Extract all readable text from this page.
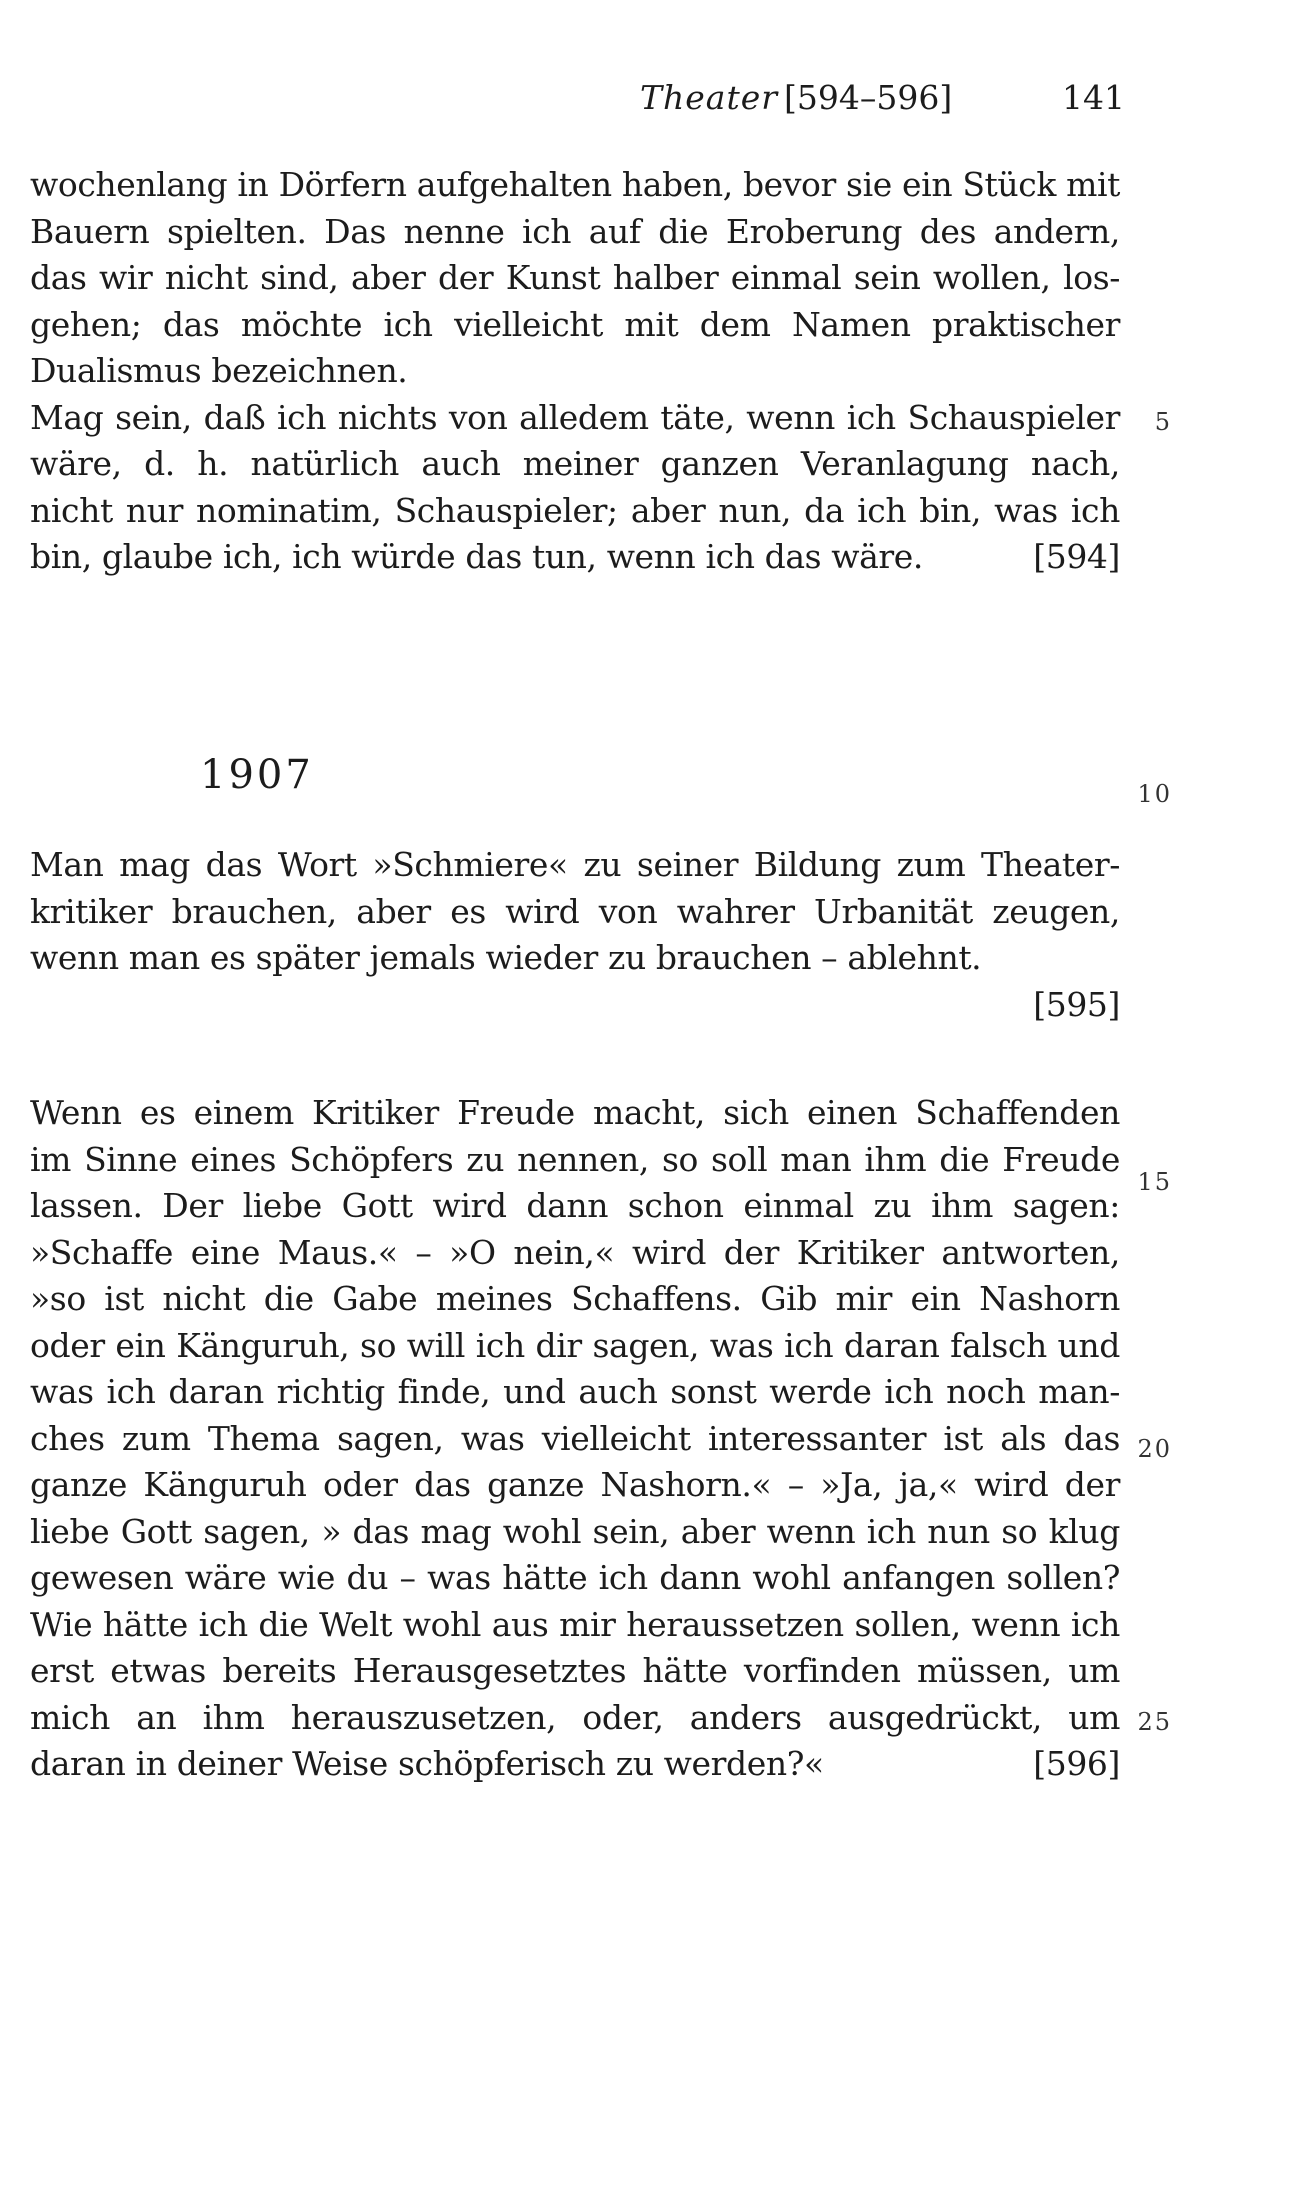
Theater [594–596]	141
wochenlang in Dörfern aufgehalten haben, bevor sie ein Stück mit
Bauern spielten. Das nenne ich auf die Eroberung des andern,
das wir nicht sind, aber der Kunst halber einmal sein wollen, los-
gehen; das möchte ich vielleicht mit dem Namen praktischer
Dualismus bezeichnen.
Mag sein, daß ich nichts von alledem täte, wenn ich Schauspieler
wäre, d. h. natürlich auch meiner ganzen Veranlagung nach,
nicht nur nominatim, Schauspieler; aber nun, da ich bin, was ich
bin, glaube ich, ich würde das tun, wenn ich das wäre.	[594]
1907
Man mag das Wort »Schmiere« zu seiner Bildung zum Theater-
kritiker brauchen, aber es wird von wahrer Urbanität zeugen,
wenn man es später jemals wieder zu brauchen – ablehnt.
[595]
Wenn es einem Kritiker Freude macht, sich einen Schaffenden
im Sinne eines Schöpfers zu nennen, so soll man ihm die Freude
lassen. Der liebe Gott wird dann schon einmal zu ihm sagen:
»Schaffe eine Maus.« – »O nein,« wird der Kritiker antworten,
»so ist nicht die Gabe meines Schaffens. Gib mir ein Nashorn
oder ein Känguruh, so will ich dir sagen, was ich daran falsch und
was ich daran richtig finde, und auch sonst werde ich noch man-
ches zum Thema sagen, was vielleicht interessanter ist als das
ganze Känguruh oder das ganze Nashorn.« – »Ja, ja,« wird der
liebe Gott sagen, » das mag wohl sein, aber wenn ich nun so klug
gewesen wäre wie du – was hätte ich dann wohl anfangen sollen?
Wie hätte ich die Welt wohl aus mir heraussetzen sollen, wenn ich
erst etwas bereits Herausgesetztes hätte vorfinden müssen, um
mich an ihm herauszusetzen, oder, anders ausgedrückt, um
daran in deiner Weise schöpferisch zu werden?«	[596]
5
10
15
20
25
